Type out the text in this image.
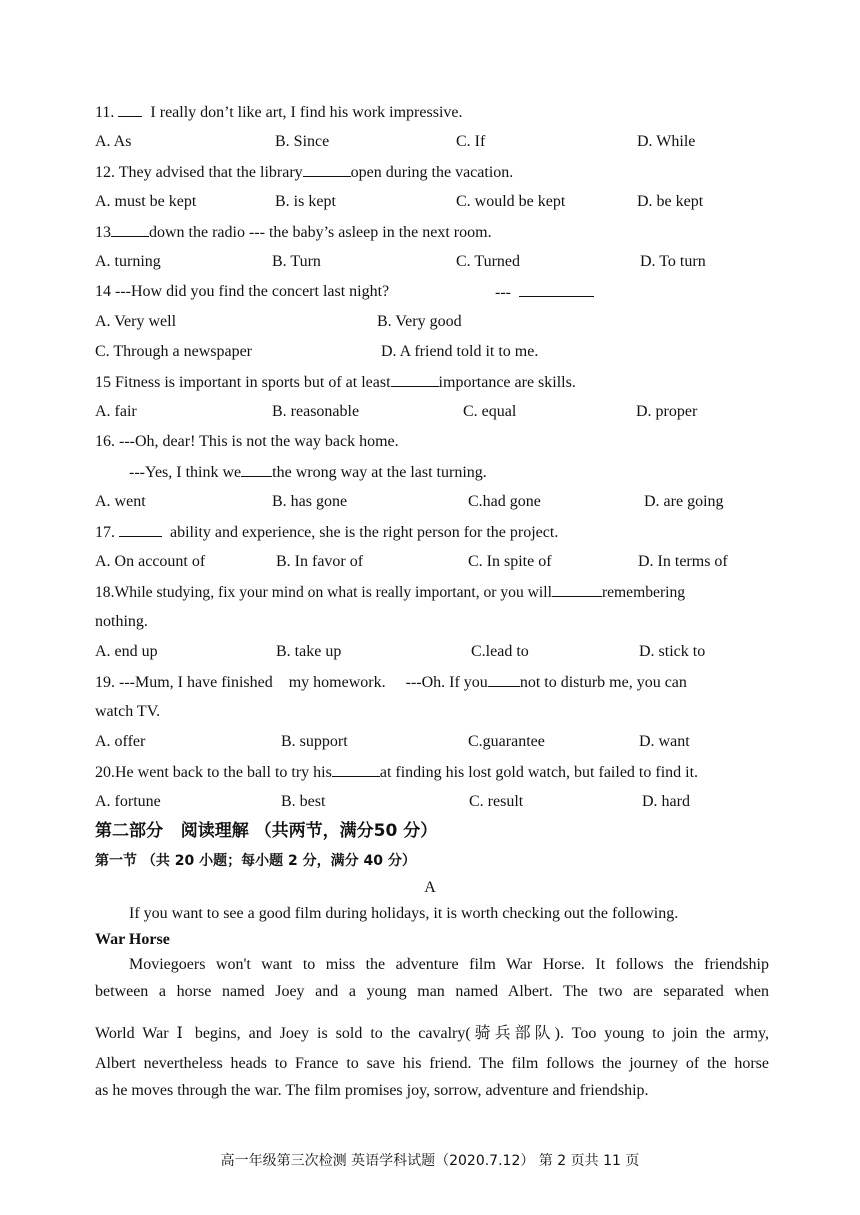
11.   I really don’t like art, I find his work impressive.
A. As	B. Since	C. If	D. While
12. They advised that the library	open during the vacation.
A. must be kept	B. is kept	C. would be kept	D. be kept
13 down the radio --- the baby’s asleep in the next room.
A. turning	B. Turn	C. Turned	D. To turn
14 ---How did you find the concert last night?	---
A. Very well	B. Very good
C. Through a newspaper	D. A friend told it to me.
15 Fitness is important in sports but of at least	importance are skills.
A. fair	B. reasonable	C. equal	D. proper
16. ---Oh, dear! This is not the way back home.
---Yes, I think we the wrong way at the last turning.
A. went	B. has gone	C.had gone	D. are going
17.	ability and experience, she is the right person for the project.
A. On account of	B. In favor of	C. In spite of	D. In terms of
18.While studying, fix your mind on what is really important, or you will	remembering
nothing.
A. end up	B. take up	C.lead to	D. stick to
19. ---Mum, I have finished    my homework.     ---Oh. If you not to disturb me, you can
watch TV.
A. offer	B. support	C.guarantee	D. want
20.He went back to the ball to try his	at finding his lost gold watch, but failed to find it.
A. fortune	B. best	C. result	D. hard
第二部分   阅读理解 （共两节，满分50 分）
第一节 （共 20 小题；每小题 2 分，满分 40 分）
A
If you want to see a good film during holidays, it is worth checking out the following.
War Horse
Moviegoers won't want to miss the adventure film War Horse. It follows the friendship
between a horse named Joey and a young man named Albert. The two are separated when
World War Ⅰ begins, and Joey is sold to the cavalry(骑兵部队). Too young to join the army,
Albert nevertheless heads to France to save his friend. The film follows the journey of the horse
as he moves through the war. The film promises joy, sorrow, adventure and friendship.
高一年级第三次检测 英语学科试题（2020.7.12） 第 2 页共 11 页
